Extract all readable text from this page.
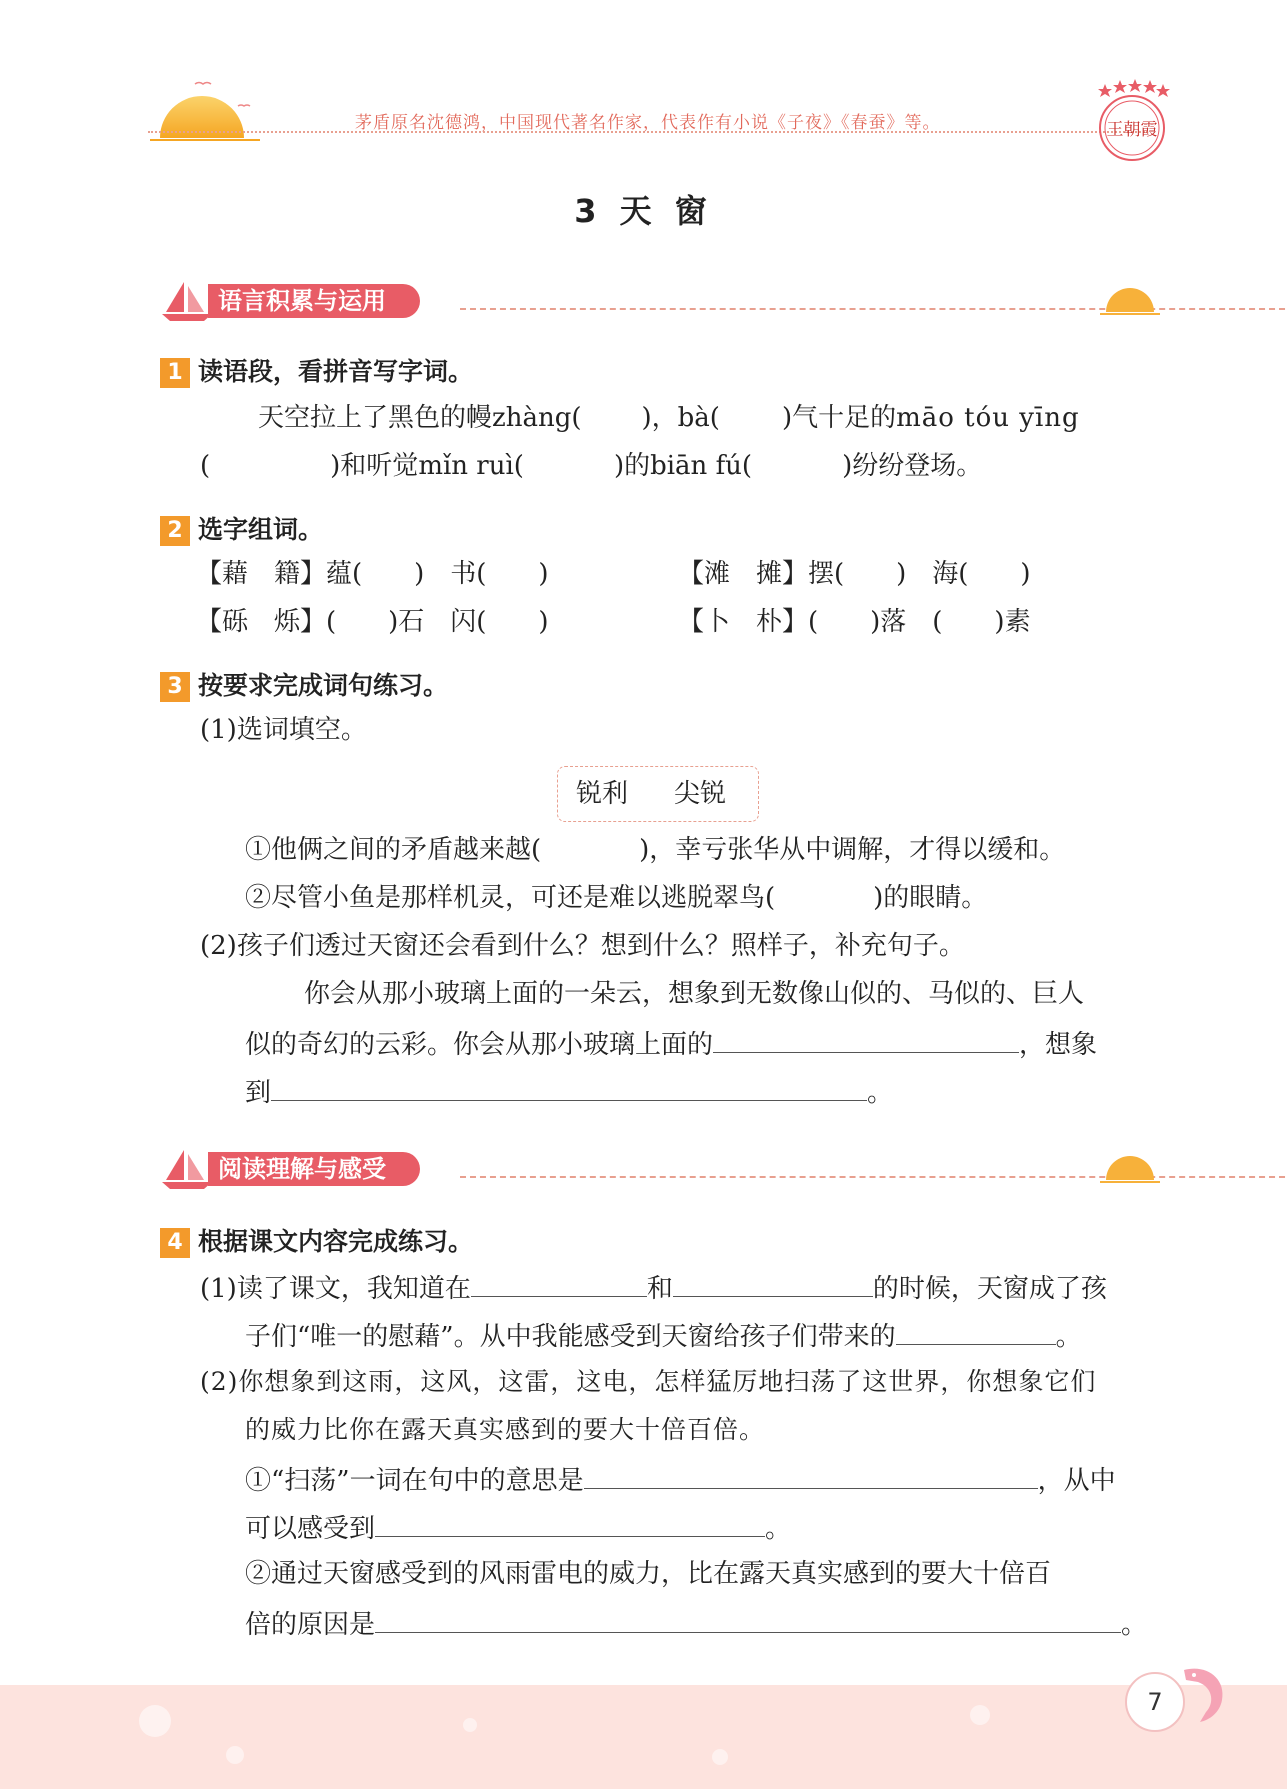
茅盾原名沈德鸿，中国现代著名作家，代表作有小说《子夜》《春蚕》等。	王朝霞
3 天 窗
语言积累与运用
1 读语段，看拼音写字词。
天空拉上了黑色的幔zhàng( )，bà( )气十足的māo tóu yīng
(	)和听觉mǐn ruì(	)的biān fú(	)纷纷登场。
2 选字组词。
【藉　籍】蕴(　　)　书(　　)	【滩　摊】摆(　　)　海(　　)
【砾　烁】(　　)石　闪(　　)	【卜　朴】(　　)落　(　　)素
3 按要求完成词句练习。
(1)选词填空。
锐利 尖锐
①他俩之间的矛盾越来越(	)，幸亏张华从中调解，才得以缓和。
②尽管小鱼是那样机灵，可还是难以逃脱翠鸟(	)的眼睛。
(2)孩子们透过天窗还会看到什么？想到什么？照样子，补充句子。
你会从那小玻璃上面的一朵云，想象到无数像山似的、马似的、巨人
似的奇幻的云彩。你会从那小玻璃上面的	，想象
到	。
阅读理解与感受
4 根据课文内容完成练习。
(1)读了课文，我知道在	和	的时候，天窗成了孩
子们“唯一的慰藉”。从中我能感受到天窗给孩子们带来的	。
(2)你想象到这雨，这风，这雷，这电，怎样猛厉地扫荡了这世界，你想象它们
的威力比你在露天真实感到的要大十倍百倍。
①“扫荡”一词在句中的意思是	，从中
可以感受到	。
②通过天窗感受到的风雨雷电的威力，比在露天真实感到的要大十倍百
倍的原因是	。
7
